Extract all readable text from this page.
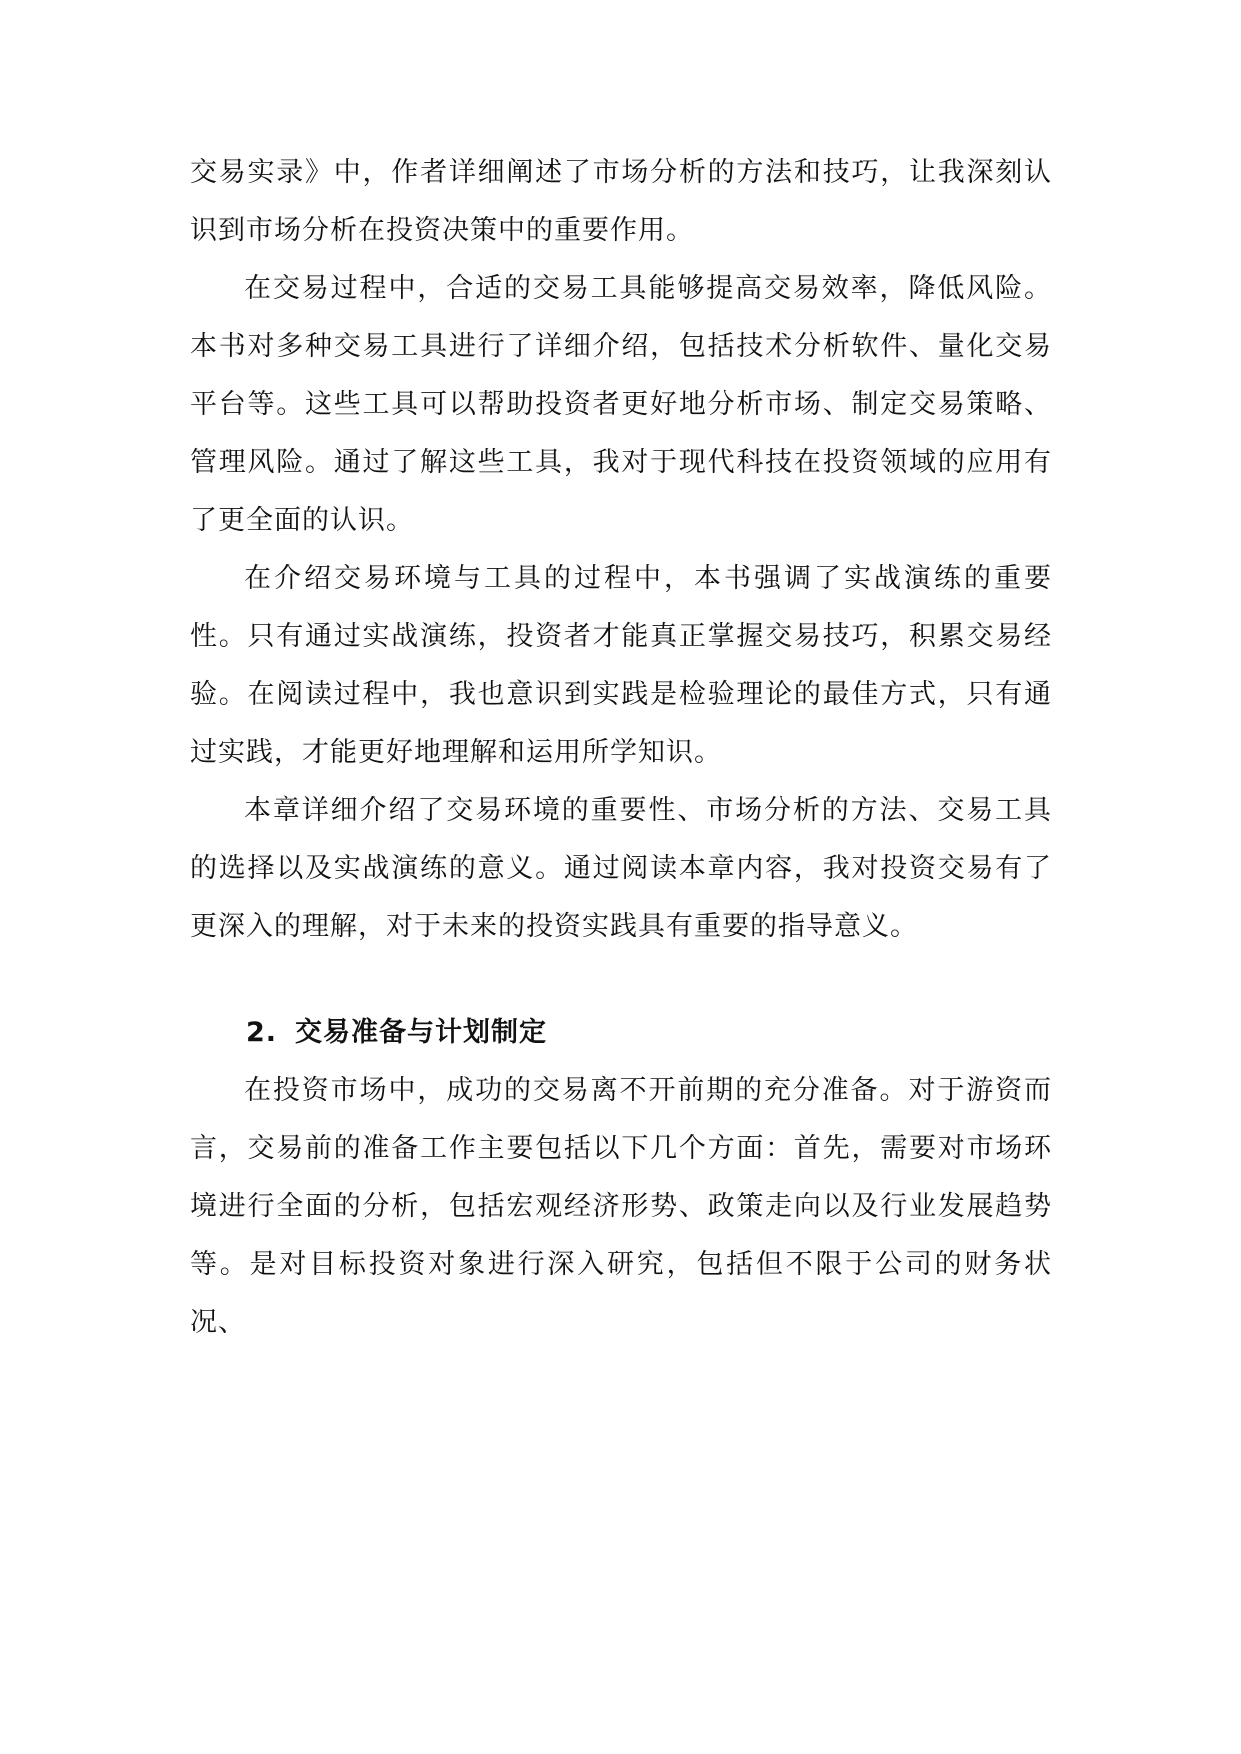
交易实录》中，作者详细阐述了市场分析的方法和技巧，让我深刻认识到市场分析在投资决策中的重要作用。

在交易过程中，合适的交易工具能够提高交易效率，降低风险。本书对多种交易工具进行了详细介绍，包括技术分析软件、量化交易平台等。这些工具可以帮助投资者更好地分析市场、制定交易策略、管理风险。通过了解这些工具，我对于现代科技在投资领域的应用有了更全面的认识。

在介绍交易环境与工具的过程中，本书强调了实战演练的重要性。只有通过实战演练，投资者才能真正掌握交易技巧，积累交易经验。在阅读过程中，我也意识到实践是检验理论的最佳方式，只有通过实践，才能更好地理解和运用所学知识。

本章详细介绍了交易环境的重要性、市场分析的方法、交易工具的选择以及实战演练的意义。通过阅读本章内容，我对投资交易有了更深入的理解，对于未来的投资实践具有重要的指导意义。

2. 交易准备与计划制定

在投资市场中，成功的交易离不开前期的充分准备。对于游资而言，交易前的准备工作主要包括以下几个方面：首先，需要对市场环境进行全面的分析，包括宏观经济形势、政策走向以及行业发展趋势等。是对目标投资对象进行深入研究，包括但不限于公司的财务状况、
